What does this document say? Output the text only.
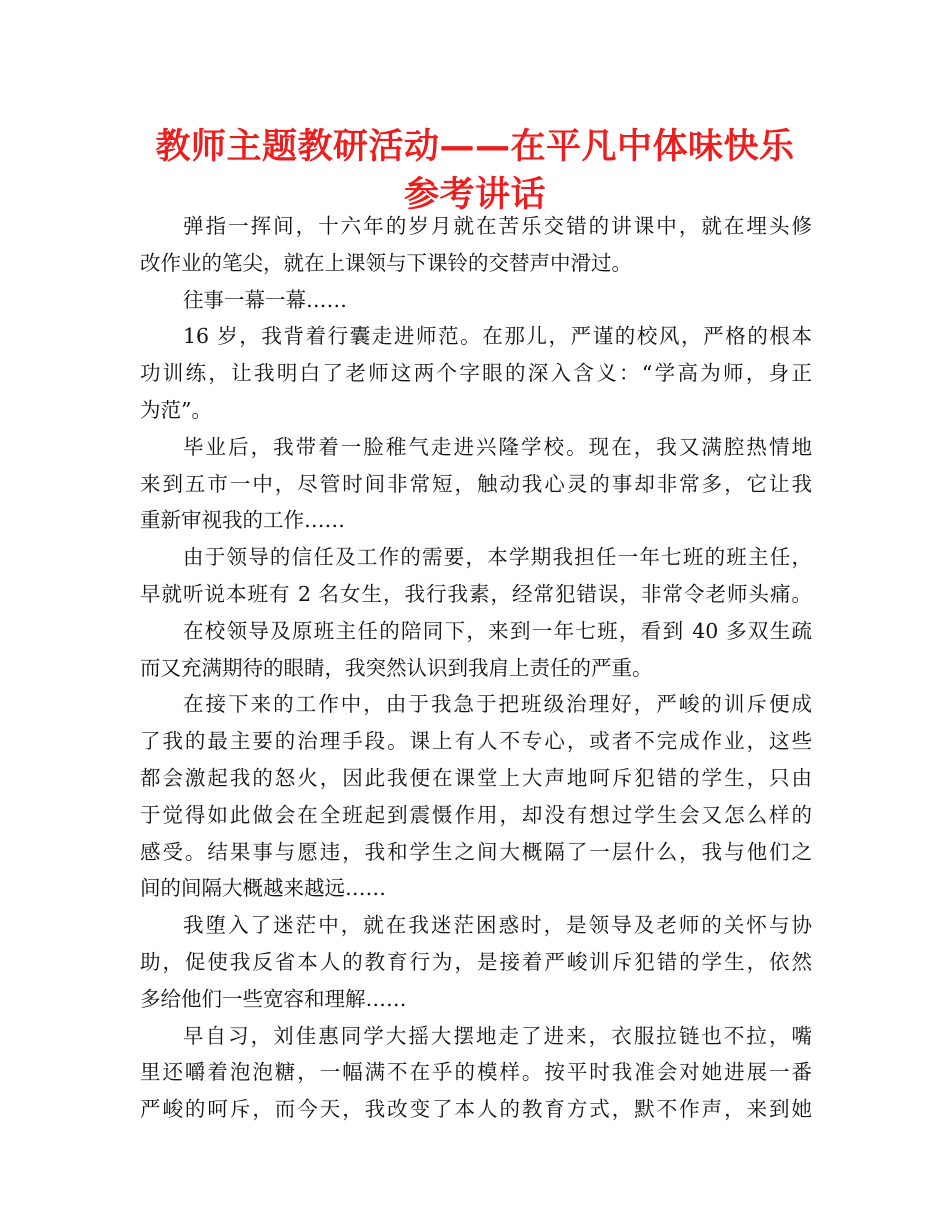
教师主题教研活动——在平凡中体味快乐
参考讲话
弹指一挥间，十六年的岁月就在苦乐交错的讲课中，就在埋头修
改作业的笔尖，就在上课领与下课铃的交替声中滑过。
往事一幕一幕……
16 岁，我背着行囊走进师范。在那儿，严谨的校风，严格的根本
功训练，让我明白了老师这两个字眼的深入含义：“学高为师，身正
为范”。
毕业后，我带着一脸稚气走进兴隆学校。现在，我又满腔热情地
来到五市一中，尽管时间非常短，触动我心灵的事却非常多，它让我
重新审视我的工作……
由于领导的信任及工作的需要，本学期我担任一年七班的班主任，
早就听说本班有 2 名女生，我行我素，经常犯错误，非常令老师头痛。
在校领导及原班主任的陪同下，来到一年七班，看到 40 多双生疏
而又充满期待的眼睛，我突然认识到我肩上责任的严重。
在接下来的工作中，由于我急于把班级治理好，严峻的训斥便成
了我的最主要的治理手段。课上有人不专心，或者不完成作业，这些
都会激起我的怒火，因此我便在课堂上大声地呵斥犯错的学生，只由
于觉得如此做会在全班起到震慑作用，却没有想过学生会又怎么样的
感受。结果事与愿违，我和学生之间大概隔了一层什么，我与他们之
间的间隔大概越来越远……
我堕入了迷茫中，就在我迷茫困惑时，是领导及老师的关怀与协
助，促使我反省本人的教育行为，是接着严峻训斥犯错的学生，依然
多给他们一些宽容和理解……
早自习，刘佳惠同学大摇大摆地走了进来，衣服拉链也不拉，嘴
里还嚼着泡泡糖，一幅满不在乎的模样。按平时我准会对她进展一番
严峻的呵斥，而今天，我改变了本人的教育方式，默不作声，来到她
